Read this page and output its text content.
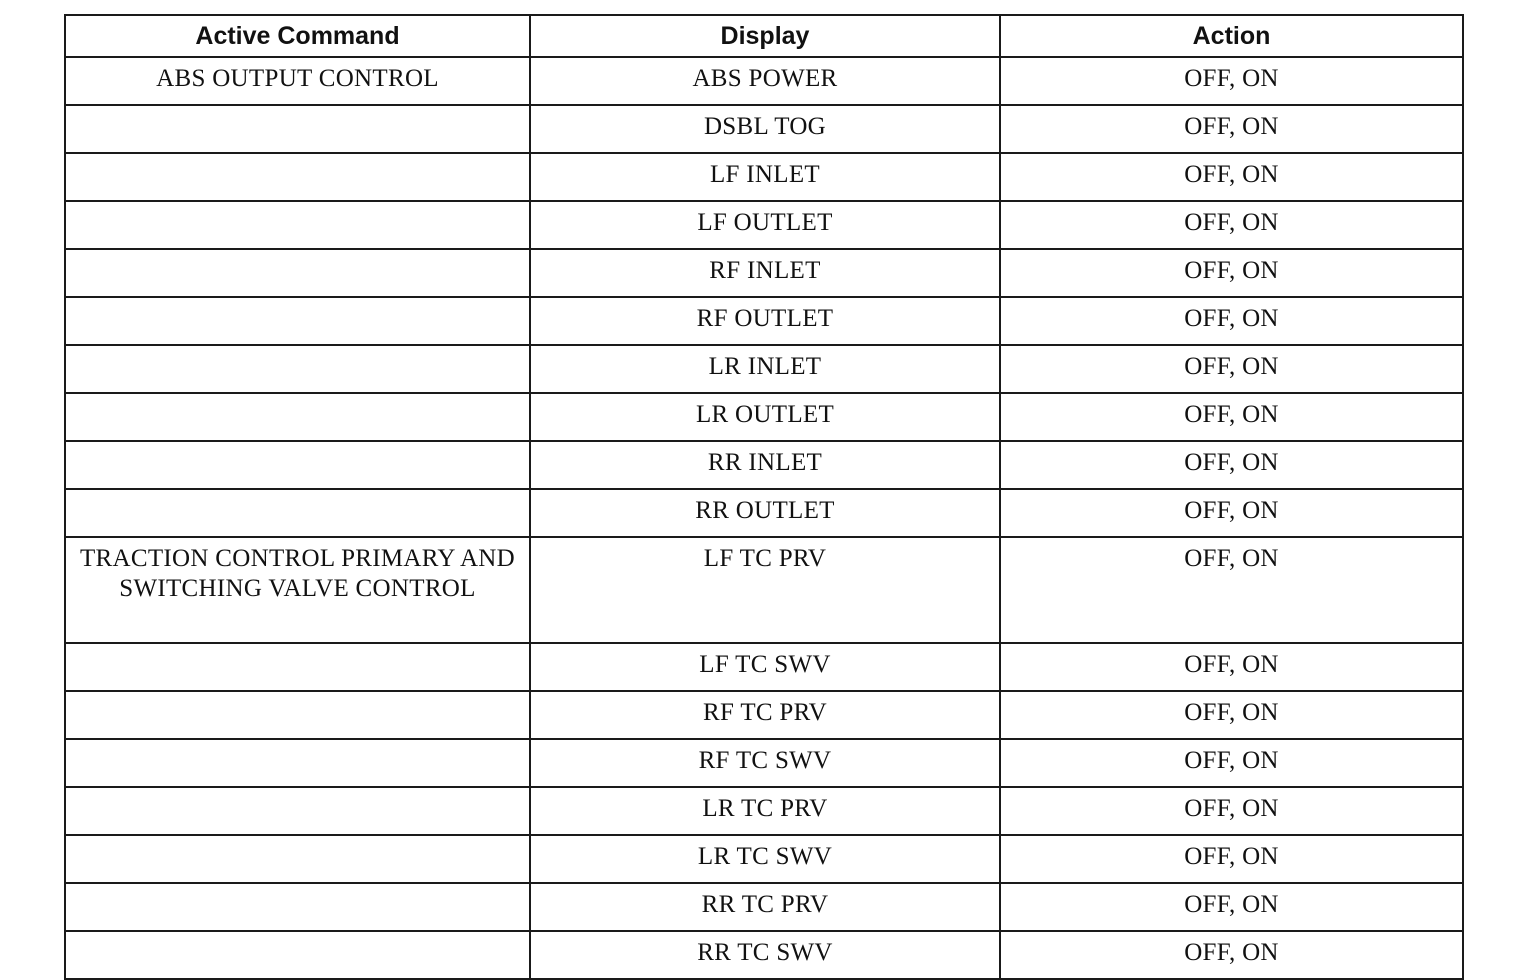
Active Command	Display	Action
ABS OUTPUT CONTROL	ABS POWER	OFF, ON
	DSBL TOG	OFF, ON
	LF INLET	OFF, ON
	LF OUTLET	OFF, ON
	RF INLET	OFF, ON
	RF OUTLET	OFF, ON
	LR INLET	OFF, ON
	LR OUTLET	OFF, ON
	RR INLET	OFF, ON
	RR OUTLET	OFF, ON
TRACTION CONTROL PRIMARY AND SWITCHING VALVE CONTROL	LF TC PRV	OFF, ON
	LF TC SWV	OFF, ON
	RF TC PRV	OFF, ON
	RF TC SWV	OFF, ON
	LR TC PRV	OFF, ON
	LR TC SWV	OFF, ON
	RR TC PRV	OFF, ON
	RR TC SWV	OFF, ON
